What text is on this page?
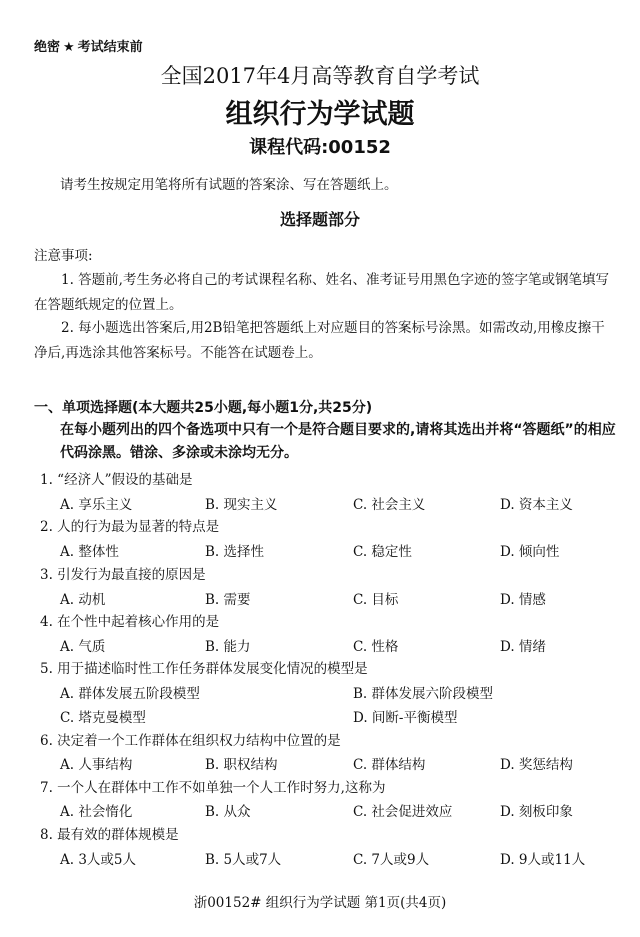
绝密 ★ 考试结束前
全国2017年4月高等教育自学考试
组织行为学试题
课程代码:00152
请考生按规定用笔将所有试题的答案涂、写在答题纸上。
选择题部分
注意事项:
1. 答题前,考生务必将自己的考试课程名称、姓名、准考证号用黑色字迹的签字笔或钢笔填写在答题纸规定的位置上。
2. 每小题选出答案后,用2B铅笔把答题纸上对应题目的答案标号涂黑。如需改动,用橡皮擦干净后,再选涂其他答案标号。不能答在试题卷上。
一、单项选择题(本大题共25小题,每小题1分,共25分)
在每小题列出的四个备选项中只有一个是符合题目要求的,请将其选出并将“答题纸”的相应代码涂黑。错涂、多涂或未涂均无分。
1. “经济人”假设的基础是
A. 享乐主义	B. 现实主义	C. 社会主义	D. 资本主义
2. 人的行为最为显著的特点是
A. 整体性	B. 选择性	C. 稳定性	D. 倾向性
3. 引发行为最直接的原因是
A. 动机	B. 需要	C. 目标	D. 情感
4. 在个性中起着核心作用的是
A. 气质	B. 能力	C. 性格	D. 情绪
5. 用于描述临时性工作任务群体发展变化情况的模型是
A. 群体发展五阶段模型	B. 群体发展六阶段模型
C. 塔克曼模型	D. 间断-平衡模型
6. 决定着一个工作群体在组织权力结构中位置的是
A. 人事结构	B. 职权结构	C. 群体结构	D. 奖惩结构
7. 一个人在群体中工作不如单独一个人工作时努力,这称为
A. 社会惰化	B. 从众	C. 社会促进效应	D. 刻板印象
8. 最有效的群体规模是
A. 3人或5人	B. 5人或7人	C. 7人或9人	D. 9人或11人
浙00152# 组织行为学试题 第1页(共4页)
